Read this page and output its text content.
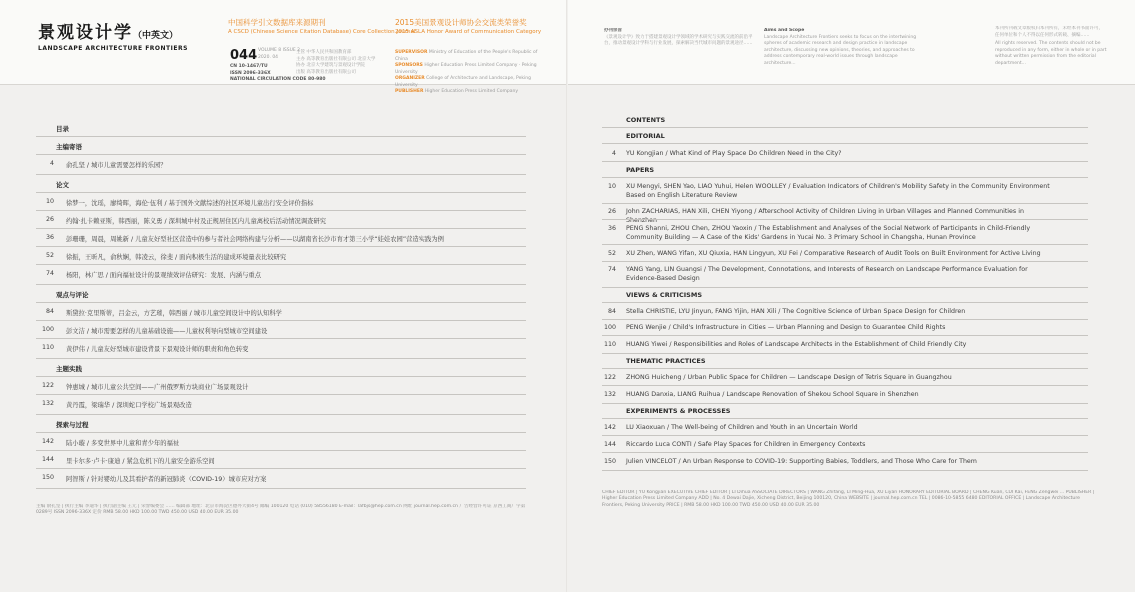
景观设计学（中英文）
LANDSCAPE ARCHITECTURE FRONTIERS
中国科学引文数据库来源期刊
A CSCD (Chinese Science Citation Database) Core Collection Journal
2015美国景观设计师协会交流类荣誉奖
2015 ASLA Honor Award of Communication Category
044 VOLUME 8 ISSUE 2
2020. 04
CN 10-1467/TU
ISSN 2096-336X
NATIONAL CIRCULATION CODE 80-980
主管 中华人民共和国教育部
主办 高等教育出版社有限公司 北京大学
协办 北京大学建筑与景观设计学院
出版 高等教育出版社有限公司
SUPERVISOR Ministry of Education of the People's Republic of China
SPONSORS Higher Education Press Limited Company · Peking University
ORGANIZER College of Architecture and Landscape, Peking University
PUBLISHER Higher Education Press Limited Company
办刊宗旨
《景观设计学》致力于搭建景观设计学领域的学术研究与实践交流的前沿平台，推动景观设计学科与行业发展，探索解决当代城市问题的景观途径……
Aims and Scope
Landscape Architecture Frontiers seeks to focus on the intertwining spheres of academic research and design practice in landscape architecture, discussing new opinions, theories, and approaches to address contemporary real-world issues through landscape architecture...
本刊所刊载文章版权归本刊所有，未经本刊书面许可，任何单位和个人不得以任何形式转载、摘编……
All rights reserved. The contents should not be reproduced in any form, either in whole or in part without written permission from the editorial department...
目录
主编寄语
4 俞孔坚 / 城市儿童需要怎样的乐园？
论文
10 徐梦一，沈瑶，廖绮晖，海伦·伍利 / 基于国外文献综述的社区环境儿童出行安全评价指标
26 约翰·扎卡赖亚斯，韩西丽，陈义勇 / 深圳城中村及正规居住区内儿童离校后活动情况调查研究
36 彭珊珊，周晨，周姚新 / 儿童友好型社区营造中的参与者社会网络构建与分析——以湖南省长沙市育才第三小学“娃娃农园”营造实践为例
52 徐振，王昕凡，俞秋娴，韩凌云，徐斐 / 面向积极生活的建成环境量表比较研究
74 杨阳，林广思 / 面向福祉设计的景观绩效评估研究：发展、内涵与重点
观点与评论
84 斯黛拉·克里斯蒂，吕金云，方艺璀，韩西丽 / 城市儿童空间设计中的认知科学
100 彭文洁 / 城市需要怎样的儿童基础设施——儿童权利导向型城市空间建设
110 黄伊伟 / 儿童友好型城市建设背景下景观设计师的职责和角色转变
主题实践
122 钟惠城 / 城市儿童公共空间——广州俄罗斯方块商业广场景观设计
132 黄丹霞，梁瑞华 / 深圳蛇口学校广场景观改造
探索与过程
142 陆小璇 / 多变世界中儿童和青少年的福祉
144 里卡尔多·卢卡·康迪 / 紧急危机下的儿童安全游乐空间
150 阿智斯 / 针对婴幼儿及其看护者的新冠肺炎（COVID-19）城市应对方案
主编 俞孔坚 | 执行主编 李迪华 | 执行副主编 王元 | 荣誉编委会 …… 编辑部 地址：北京市海淀区德外大街4号 邮编 100120 电话 (010) 58556180 E-mail：lafbjs@hep.com.cn 网址 journal.hep.com.cn 广告经营许可证 京西工商广字第0289号 ISSN 2096-336X 定价 RMB 58.00 HKD 100.00 TWD 450.00 USD 40.00 EUR 35.00
CONTENTS
EDITORIAL
4 YU Kongjian / What Kind of Play Space Do Children Need in the City?
PAPERS
10 XU Mengyi, SHEN Yao, LIAO Yuhui, Helen WOOLLEY / Evaluation Indicators of Children's Mobility Safety in the Community Environment Based on English Literature Review
26 John ZACHARIAS, HAN Xili, CHEN Yiyong / Afterschool Activity of Children Living in Urban Villages and Planned Communities in Shenzhen
36 PENG Shanni, ZHOU Chen, ZHOU Yaoxin / The Establishment and Analyses of the Social Network of Participants in Child-Friendly Community Building — A Case of the Kids' Gardens in Yucai No. 3 Primary School in Changsha, Hunan Province
52 XU Zhen, WANG Yifan, XU Qiuxia, HAN Lingyun, XU Fei / Comparative Research of Audit Tools on Built Environment for Active Living
74 YANG Yang, LIN Guangsi / The Development, Connotations, and Interests of Research on Landscape Performance Evaluation for Evidence-Based Design
VIEWS & CRITICISMS
84 Stella CHRISTIE, LYU Jinyun, FANG Yijin, HAN Xili / The Cognitive Science of Urban Space Design for Children
100 PENG Wenjie / Child's Infrastructure in Cities — Urban Planning and Design to Guarantee Child Rights
110 HUANG Yiwei / Responsibilities and Roles of Landscape Architects in the Establishment of Child Friendly City
THEMATIC PRACTICES
122 ZHONG Huicheng / Urban Public Space for Children — Landscape Design of Tetris Square in Guangzhou
132 HUANG Danxia, LIANG Ruihua / Landscape Renovation of Shekou School Square in Shenzhen
EXPERIMENTS & PROCESSES
142 LU Xiaoxuan / The Well-being of Children and Youth in an Uncertain World
144 Riccardo Luca CONTI / Safe Play Spaces for Children in Emergency Contexts
150 Julien VINCELOT / An Urban Response to COVID-19: Supporting Babies, Toddlers, and Those Who Care for Them
CHIEF EDITOR | YU Kongjian EXECUTIVE CHIEF EDITOR | LI Dihua ASSOCIATE DIRECTORS | WANG Zhifang, LI Ming-Hua, XU Liyan HONORARY EDITORIAL BOARD | CHENG Kuan, CUI Kai, FENG Zengwei ... PUBLISHER | Higher Education Press Limited Company ADD | No. 4 Dewai Dajie, Xicheng District, Beijing 100120, China WEBSITE | journal.hep.com.cn TEL | 0086-10-5855 6480 EDITORIAL OFFICE | Landscape Architecture Frontiers, Peking University PRICE | RMB 58.00 HKD 100.00 TWD 450.00 USD 40.00 EUR 35.00
